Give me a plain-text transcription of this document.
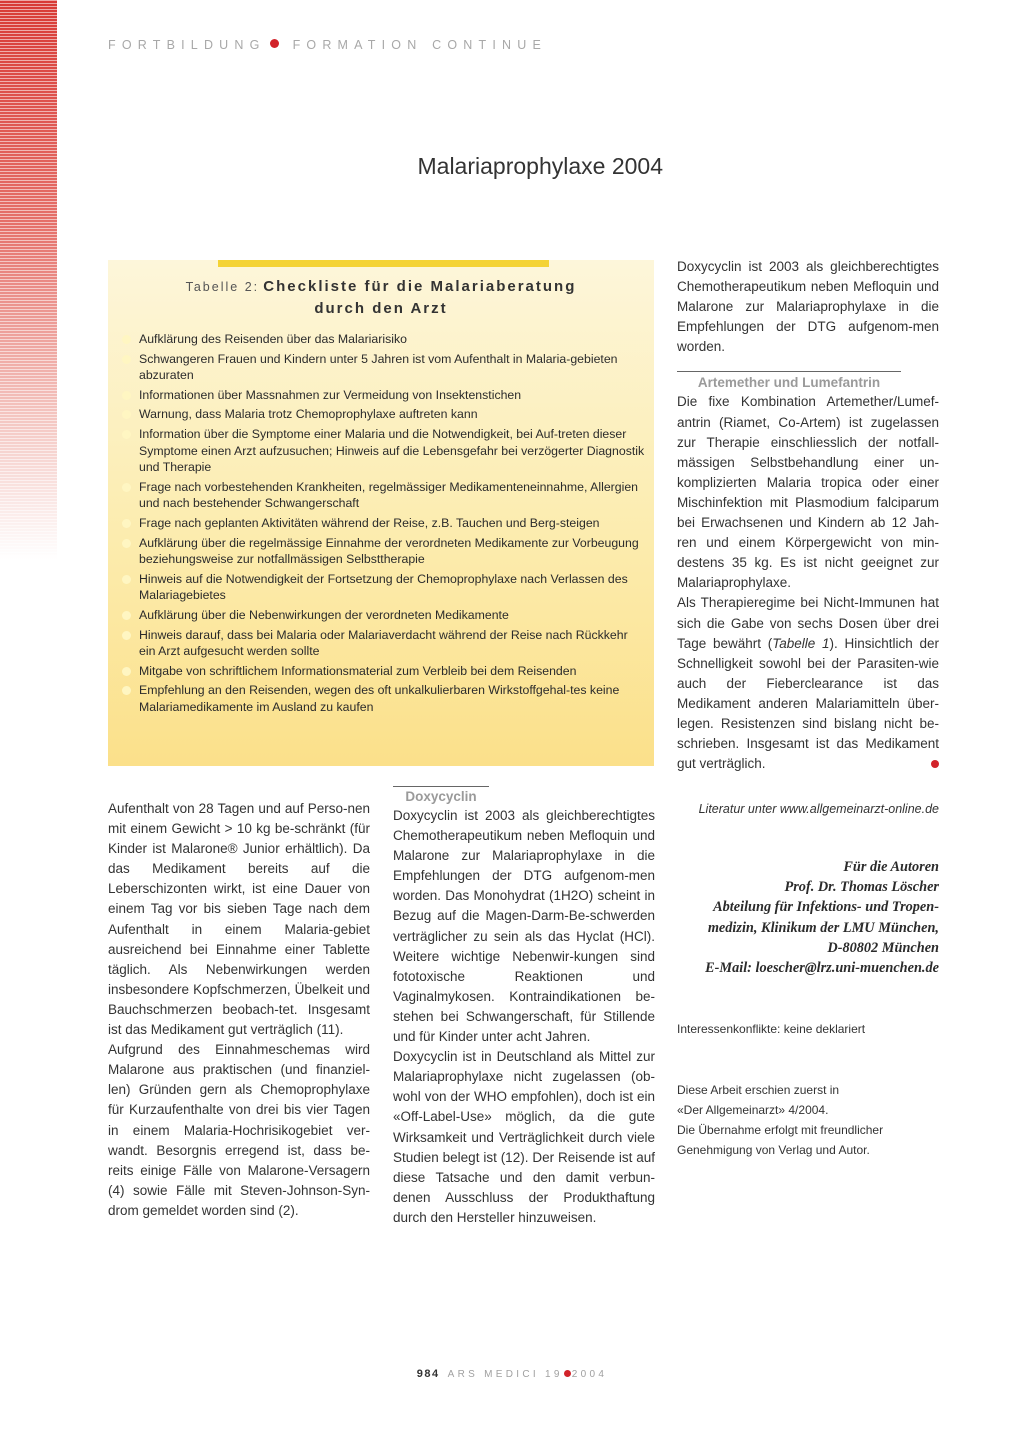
FORTBILDUNG FORMATION CONTINUE
Malariaprophylaxe 2004
Tabelle 2: Checkliste für die Malariaberatung
durch den Arzt
Aufklärung des Reisenden über das Malariarisiko
Schwangeren Frauen und Kindern unter 5 Jahren ist vom Aufenthalt in Malaria-gebieten abzuraten
Informationen über Massnahmen zur Vermeidung von Insektenstichen
Warnung, dass Malaria trotz Chemoprophylaxe auftreten kann
Information über die Symptome einer Malaria und die Notwendigkeit, bei Auf-treten dieser Symptome einen Arzt aufzusuchen; Hinweis auf die Lebensgefahr bei verzögerter Diagnostik und Therapie
Frage nach vorbestehenden Krankheiten, regelmässiger Medikamenteneinnahme, Allergien und nach bestehender Schwangerschaft
Frage nach geplanten Aktivitäten während der Reise, z.B. Tauchen und Berg-steigen
Aufklärung über die regelmässige Einnahme der verordneten Medikamente zur Vorbeugung beziehungsweise zur notfallmässigen Selbsttherapie
Hinweis auf die Notwendigkeit der Fortsetzung der Chemoprophylaxe nach Verlassen des Malariagebietes
Aufklärung über die Nebenwirkungen der verordneten Medikamente
Hinweis darauf, dass bei Malaria oder Malariaverdacht während der Reise nach Rückkehr ein Arzt aufgesucht werden sollte
Mitgabe von schriftlichem Informationsmaterial zum Verbleib bei dem Reisenden
Empfehlung an den Reisenden, wegen des oft unkalkulierbaren Wirkstoffgehal-tes keine Malariamedikamente im Ausland zu kaufen

Doxycyclin ist 2003 als gleichberechtigtes Chemotherapeutikum neben Mefloquin und Malarone zur Malariaprophylaxe in die Empfehlungen der DTG aufgenom-men worden.

Artemether und Lumefantrin

Die fixe Kombination Artemether/Lumef-antrin (Riamet, Co-Artem) ist zugelassen zur Therapie einschliesslich der notfall-mässigen Selbstbehandlung einer un-komplizierten Malaria tropica oder einer Mischinfektion mit Plasmodium falciparum bei Erwachsenen und Kindern ab 12 Jah-ren und einem Körpergewicht von min-destens 35 kg. Es ist nicht geeignet zur Malariaprophylaxe.

Als Therapieregime bei Nicht-Immunen hat sich die Gabe von sechs Dosen über drei Tage bewährt (Tabelle 1). Hinsichtlich der Schnelligkeit sowohl bei der Parasiten-wie auch der Fieberclearance ist das Medikament anderen Malariamitteln über-legen. Resistenzen sind bislang nicht be-schrieben. Insgesamt ist das Medikament gut verträglich.

Aufenthalt von 28 Tagen und auf Perso-nen mit einem Gewicht > 10 kg be-schränkt (für Kinder ist Malarone® Junior erhältlich). Da das Medikament bereits auf die Leberschizonten wirkt, ist eine Dauer von einem Tag vor bis sieben Tage nach dem Aufenthalt in einem Malaria-gebiet ausreichend bei Einnahme einer Tablette täglich. Als Nebenwirkungen werden insbesondere Kopfschmerzen, Übelkeit und Bauchschmerzen beobach-tet. Insgesamt ist das Medikament gut verträglich (11).

Aufgrund des Einnahmeschemas wird Malarone aus praktischen (und finanziel-len) Gründen gern als Chemoprophylaxe für Kurzaufenthalte von drei bis vier Tagen in einem Malaria-Hochrisikogebiet ver-wandt. Besorgnis erregend ist, dass be-reits einige Fälle von Malarone-Versagern (4) sowie Fälle mit Steven-Johnson-Syn-drom gemeldet worden sind (2).

Doxycyclin

Doxycyclin ist 2003 als gleichberechtigtes Chemotherapeutikum neben Mefloquin und Malarone zur Malariaprophylaxe in die Empfehlungen der DTG aufgenom-men worden. Das Monohydrat (1H2O) scheint in Bezug auf die Magen-Darm-Be-schwerden verträglicher zu sein als das Hyclat (HCl). Weitere wichtige Nebenwir-kungen sind fototoxische Reaktionen und Vaginalmykosen. Kontraindikationen be-stehen bei Schwangerschaft, für Stillende und für Kinder unter acht Jahren.

Doxycyclin ist in Deutschland als Mittel zur Malariaprophylaxe nicht zugelassen (ob-wohl von der WHO empfohlen), doch ist ein «Off-Label-Use» möglich, da die gute Wirksamkeit und Verträglichkeit durch viele Studien belegt ist (12). Der Reisende ist auf diese Tatsache und den damit verbun-denen Ausschluss der Produkthaftung durch den Hersteller hinzuweisen.

Literatur unter www.allgemeinarzt-online.de
Für die Autoren
Prof. Dr. Thomas Löscher
Abteilung für Infektions- und Tropen-
medizin, Klinikum der LMU München,
D-80802 München
E-Mail: loescher@lrz.uni-muenchen.de
Interessenkonflikte: keine deklariert
Diese Arbeit erschien zuerst in
«Der Allgemeinarzt» 4/2004.
Die Übernahme erfolgt mit freundlicher
Genehmigung von Verlag und Autor.
984 ARS MEDICI 19 2004
